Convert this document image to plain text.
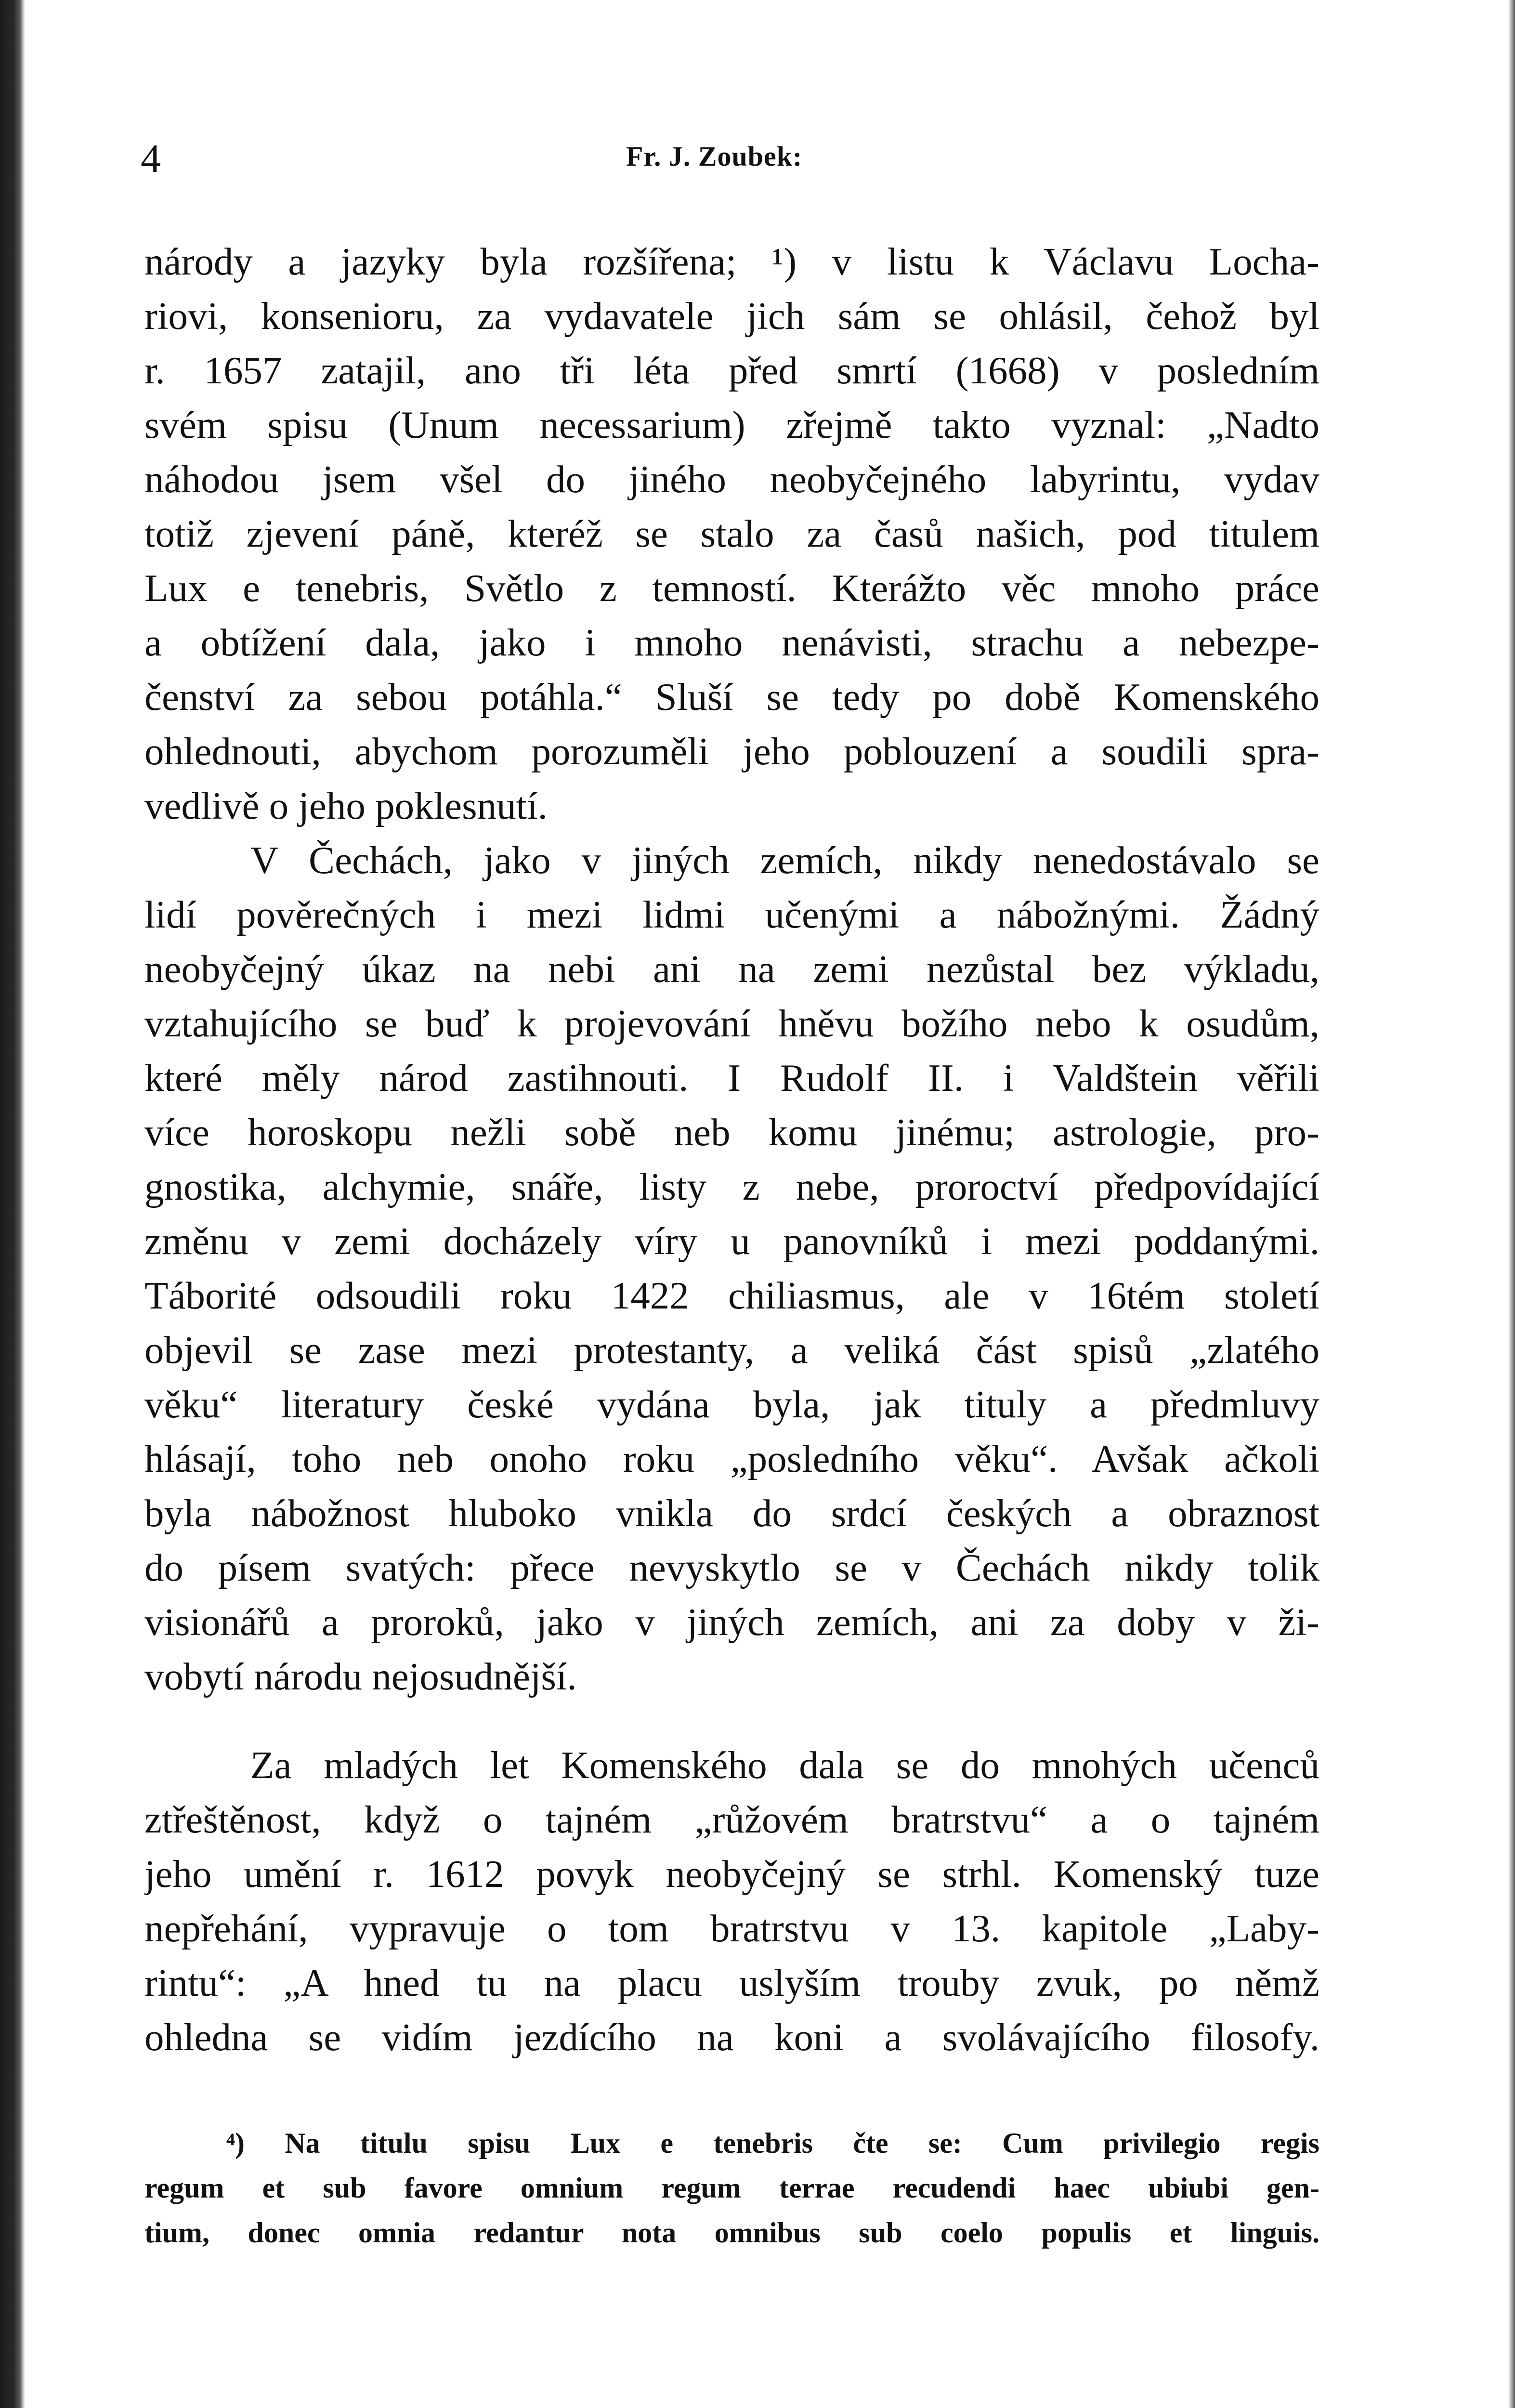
4	Fr. J. Zoubek:
národy a jazyky byla rozšířena; ¹) v listu k Václavu Locha-
riovi, konsenioru, za vydavatele jich sám se ohlásil, čehož byl
r. 1657 zatajil, ano tři léta před smrtí (1668) v posledním
svém spisu (Unum necessarium) zřejmě takto vyznal: „Nadto
náhodou jsem všel do jiného neobyčejného labyrintu, vydav
totiž zjevení páně, kteréž se stalo za časů našich, pod titulem
Lux e tenebris, Světlo z temností. Kterážto věc mnoho práce
a obtížení dala, jako i mnoho nenávisti, strachu a nebezpe-
čenství za sebou potáhla.“ Sluší se tedy po době Komenského
ohlednouti, abychom porozuměli jeho poblouzení a soudili spra-
vedlivě o jeho poklesnutí.
V Čechách, jako v jiných zemích, nikdy nenedostávalo se
lidí pověrečných i mezi lidmi učenými a nábožnými. Žádný
neobyčejný úkaz na nebi ani na zemi nezůstal bez výkladu,
vztahujícího se buď k projevování hněvu božího nebo k osudům,
které měly národ zastihnouti. I Rudolf II. i Valdštein věřili
více horoskopu nežli sobě neb komu jinému; astrologie, pro-
gnostika, alchymie, snáře, listy z nebe, proroctví předpovídající
změnu v zemi docházely víry u panovníků i mezi poddanými.
Táborité odsoudili roku 1422 chiliasmus, ale v 16tém století
objevil se zase mezi protestanty, a veliká část spisů „zlatého
věku“ literatury české vydána byla, jak tituly a předmluvy
hlásají, toho neb onoho roku „posledního věku“. Avšak ačkoli
byla nábožnost hluboko vnikla do srdcí českých a obraznost
do písem svatých: přece nevyskytlo se v Čechách nikdy tolik
visionářů a proroků, jako v jiných zemích, ani za doby v ži-
vobytí národu nejosudnější.
Za mladých let Komenského dala se do mnohých učenců
ztřeštěnost, když o tajném „růžovém bratrstvu“ a o tajném
jeho umění r. 1612 povyk neobyčejný se strhl. Komenský tuze
nepřehání, vypravuje o tom bratrstvu v 13. kapitole „Laby-
rintu“: „A hned tu na placu uslyším trouby zvuk, po němž
ohledna se vidím jezdícího na koni a svolávajícího filosofy.
⁴) Na titulu spisu Lux e tenebris čte se: Cum privilegio regis
regum et sub favore omnium regum terrae recudendi haec ubiubi gen-
tium, donec omnia redantur nota omnibus sub coelo populis et linguis.
